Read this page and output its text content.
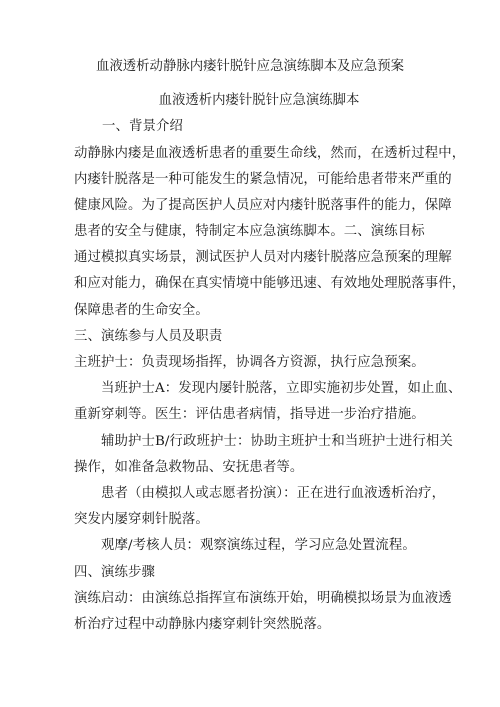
血液透析动静脉内瘘针脱针应急演练脚本及应急预案
血液透析内瘘针脱针应急演练脚本
一、背景介绍
动静脉内瘘是血液透析患者的重要生命线，然而，在透析过程中，
内瘘针脱落是一种可能发生的紧急情况，可能给患者带来严重的
健康风险。为了提高医护人员应对内瘘针脱落事件的能力，保障
患者的安全与健康，特制定本应急演练脚本。二、演练目标
通过模拟真实场景，测试医护人员对内瘘针脱落应急预案的理解
和应对能力，确保在真实情境中能够迅速、有效地处理脱落事件，
保障患者的生命安全。
三、演练参与人员及职责
主班护士：负责现场指挥，协调各方资源，执行应急预案。
当班护士A：发现内屡针脱落，立即实施初步处置，如止血、
重新穿刺等。医生：评估患者病情，指导进一步治疗措施。
辅助护士B/行政班护士：协助主班护士和当班护士进行相关
操作，如准备急救物品、安抚患者等。
患者（由模拟人或志愿者扮演）：正在进行血液透析治疗，
突发内屡穿刺针脱落。
观摩/考核人员：观察演练过程，学习应急处置流程。
四、演练步骤
演练启动：由演练总指挥宣布演练开始，明确模拟场景为血液透
析治疗过程中动静脉内瘘穿刺针突然脱落。
